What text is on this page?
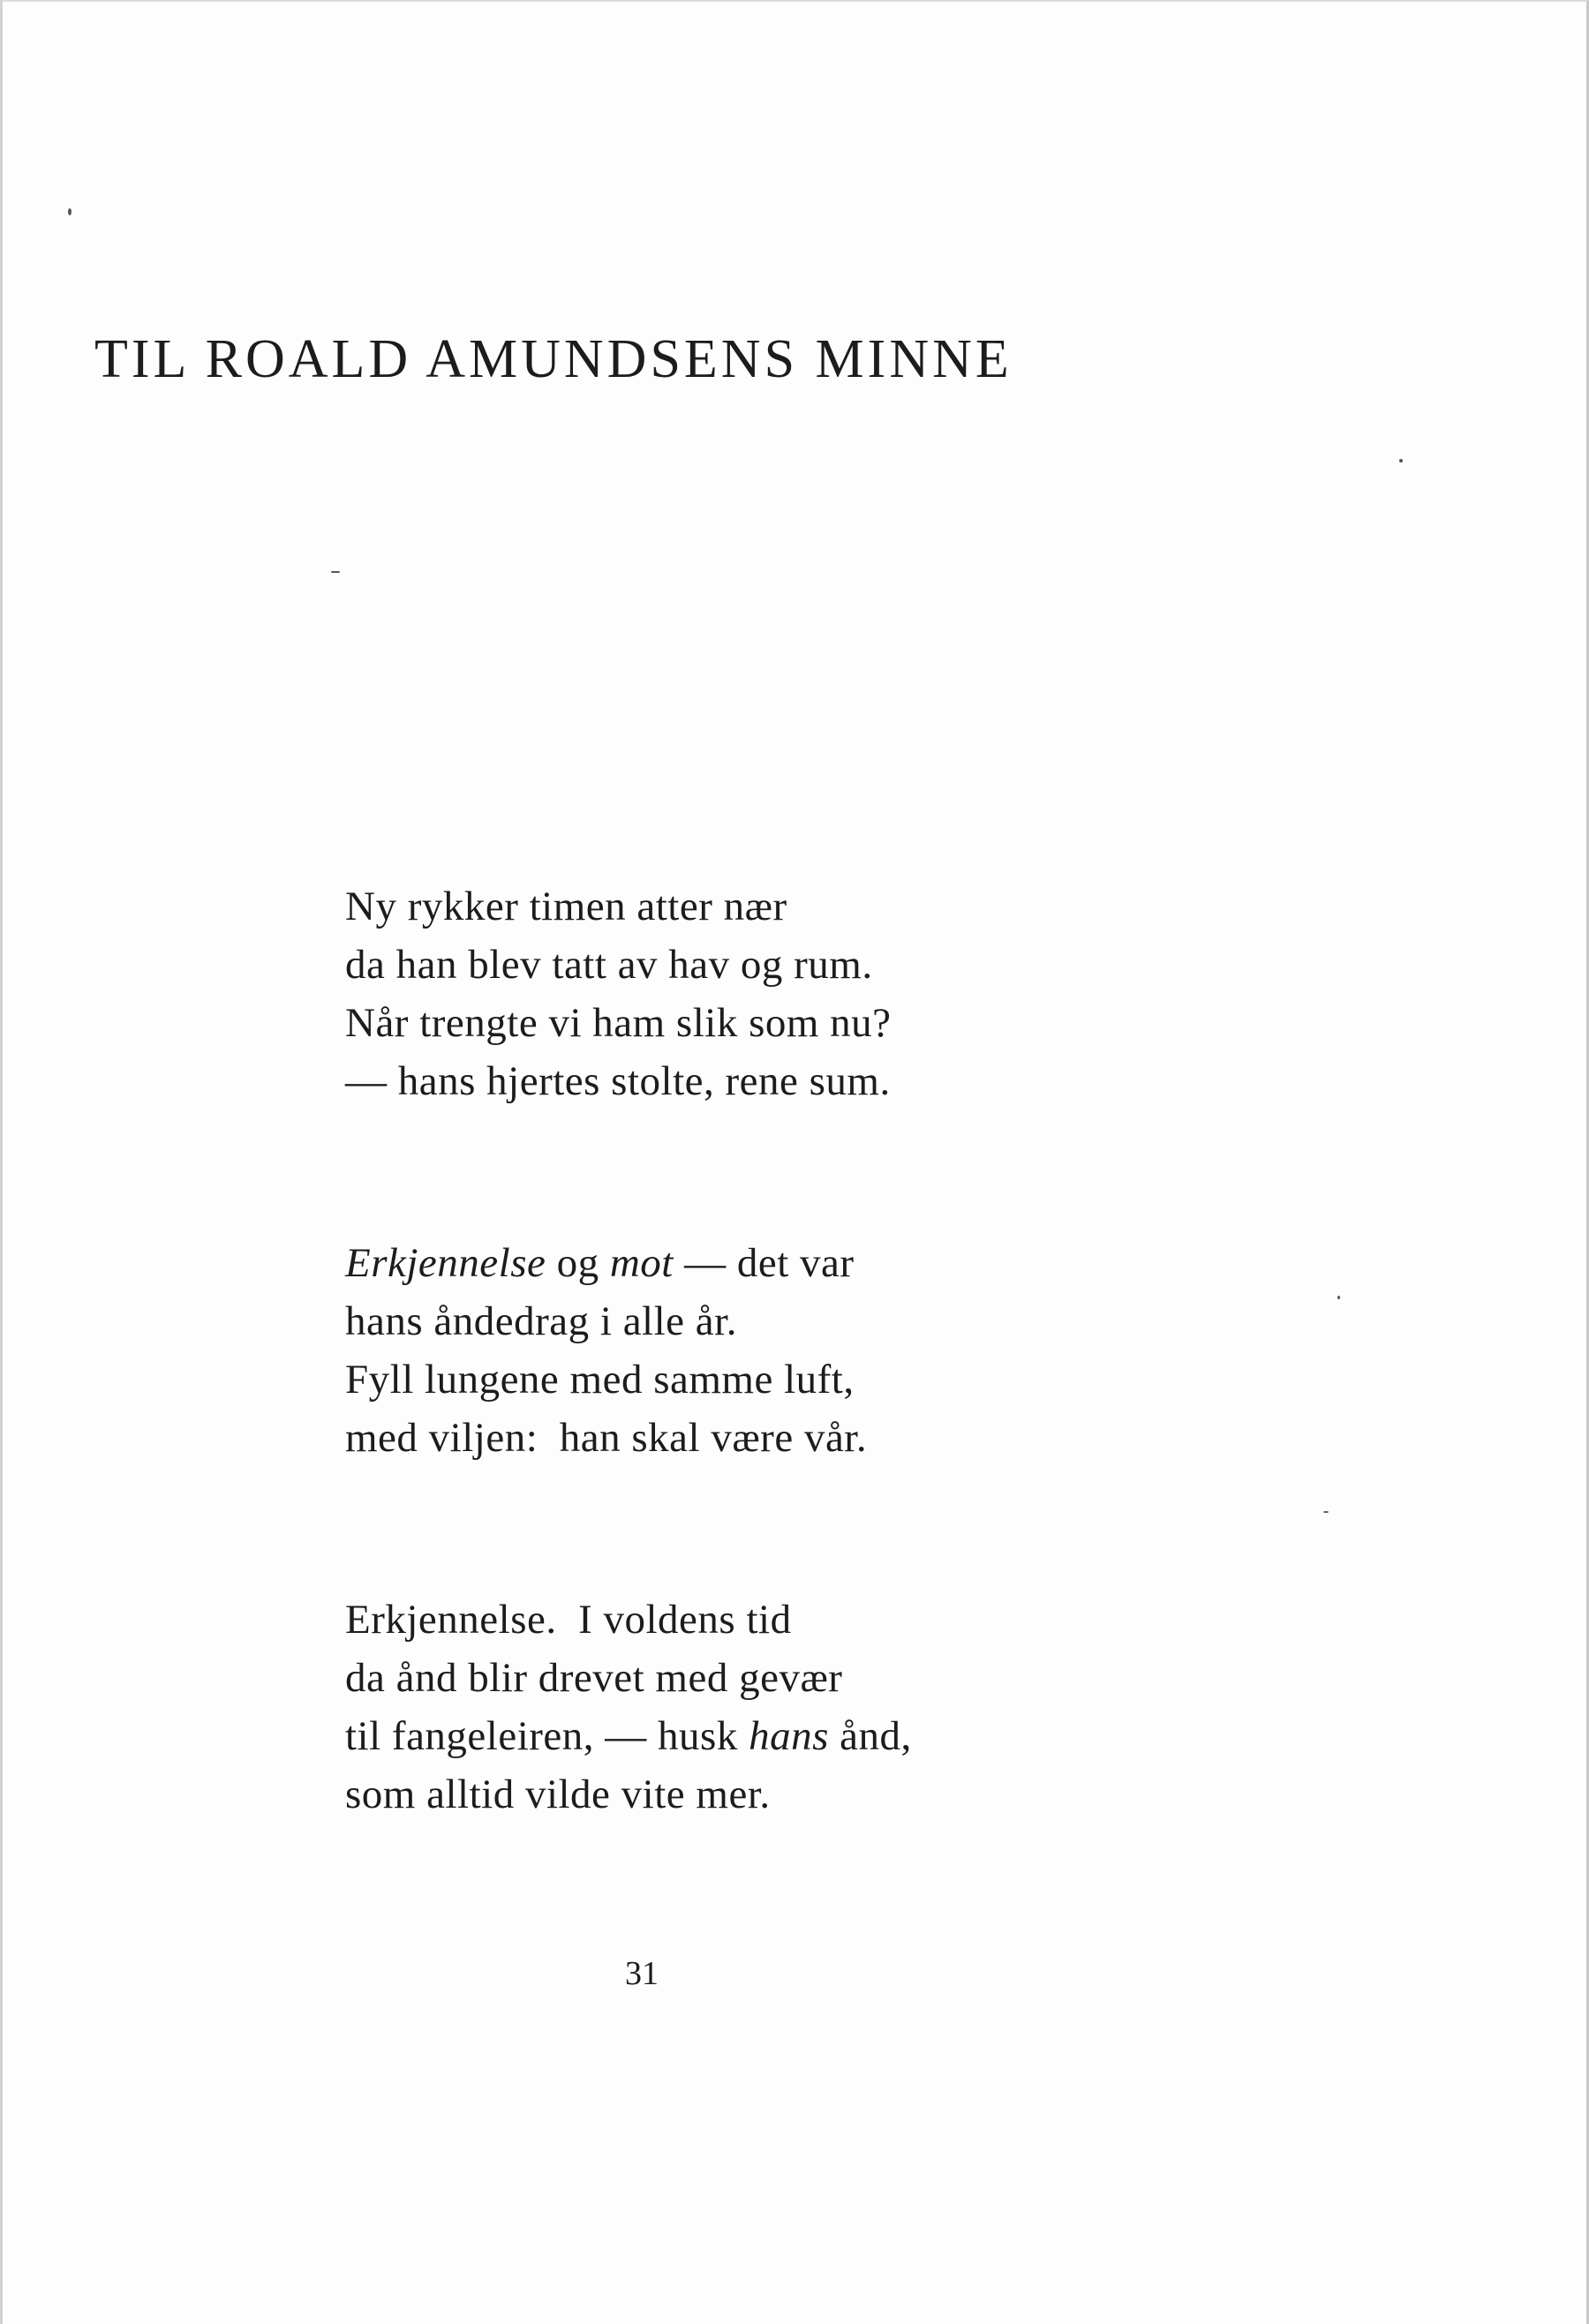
TIL ROALD AMUNDSENS MINNE
Ny rykker timen atter nær
da han blev tatt av hav og rum.
Når trengte vi ham slik som nu?
— hans hjertes stolte, rene sum.
Erkjennelse og mot — det var
hans åndedrag i alle år.
Fyll lungene med samme luft,
med viljen:  han skal være vår.
Erkjennelse.  I voldens tid
da ånd blir drevet med gevær
til fangeleiren, — husk hans ånd,
som alltid vilde vite mer.
31
